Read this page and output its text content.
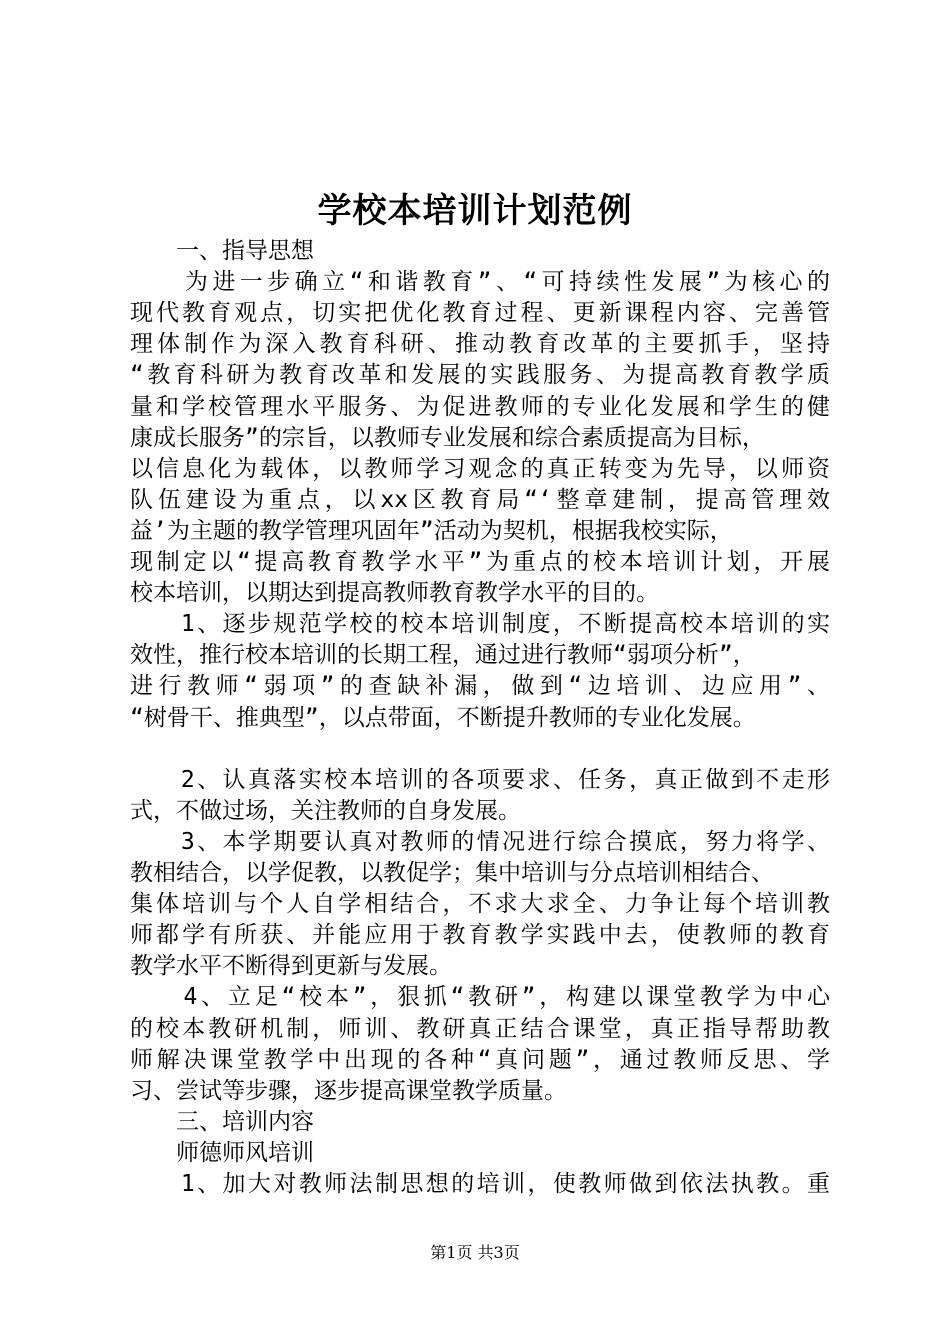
学校本培训计划范例
　　一、指导思想
　　为进一步确立“和谐教育”、“可持续性发展”为核心的
现代教育观点，切实把优化教育过程、更新课程内容、完善管
理体制作为深入教育科研、推动教育改革的主要抓手，坚持
“教育科研为教育改革和发展的实践服务、为提高教育教学质
量和学校管理水平服务、为促进教师的专业化发展和学生的健
康成长服务”的宗旨，以教师专业发展和综合素质提高为目标，
以信息化为载体，以教师学习观念的真正转变为先导，以师资
队伍建设为重点，以xx区教育局“‘整章建制，提高管理效
益’为主题的教学管理巩固年”活动为契机，根据我校实际，
现制定以“提高教育教学水平”为重点的校本培训计划，开展
校本培训，以期达到提高教师教育教学水平的目的。
　　1、逐步规范学校的校本培训制度，不断提高校本培训的实
效性，推行校本培训的长期工程，通过进行教师“弱项分析”，
进行教师“弱项”的查缺补漏，做到“边培训、边应用”、
“树骨干、推典型”，以点带面，不断提升教师的专业化发展。
　　2、认真落实校本培训的各项要求、任务，真正做到不走形
式，不做过场，关注教师的自身发展。
　　3、本学期要认真对教师的情况进行综合摸底，努力将学、
教相结合，以学促教，以教促学；集中培训与分点培训相结合、
集体培训与个人自学相结合，不求大求全、力争让每个培训教
师都学有所获、并能应用于教育教学实践中去，使教师的教育
教学水平不断得到更新与发展。
　　4、立足“校本”，狠抓“教研”，构建以课堂教学为中心
的校本教研机制，师训、教研真正结合课堂，真正指导帮助教
师解决课堂教学中出现的各种“真问题”，通过教师反思、学
习、尝试等步骤，逐步提高课堂教学质量。
　　三、培训内容
　　师德师风培训
　　1、加大对教师法制思想的培训，使教师做到依法执教。重
第1页 共3页
